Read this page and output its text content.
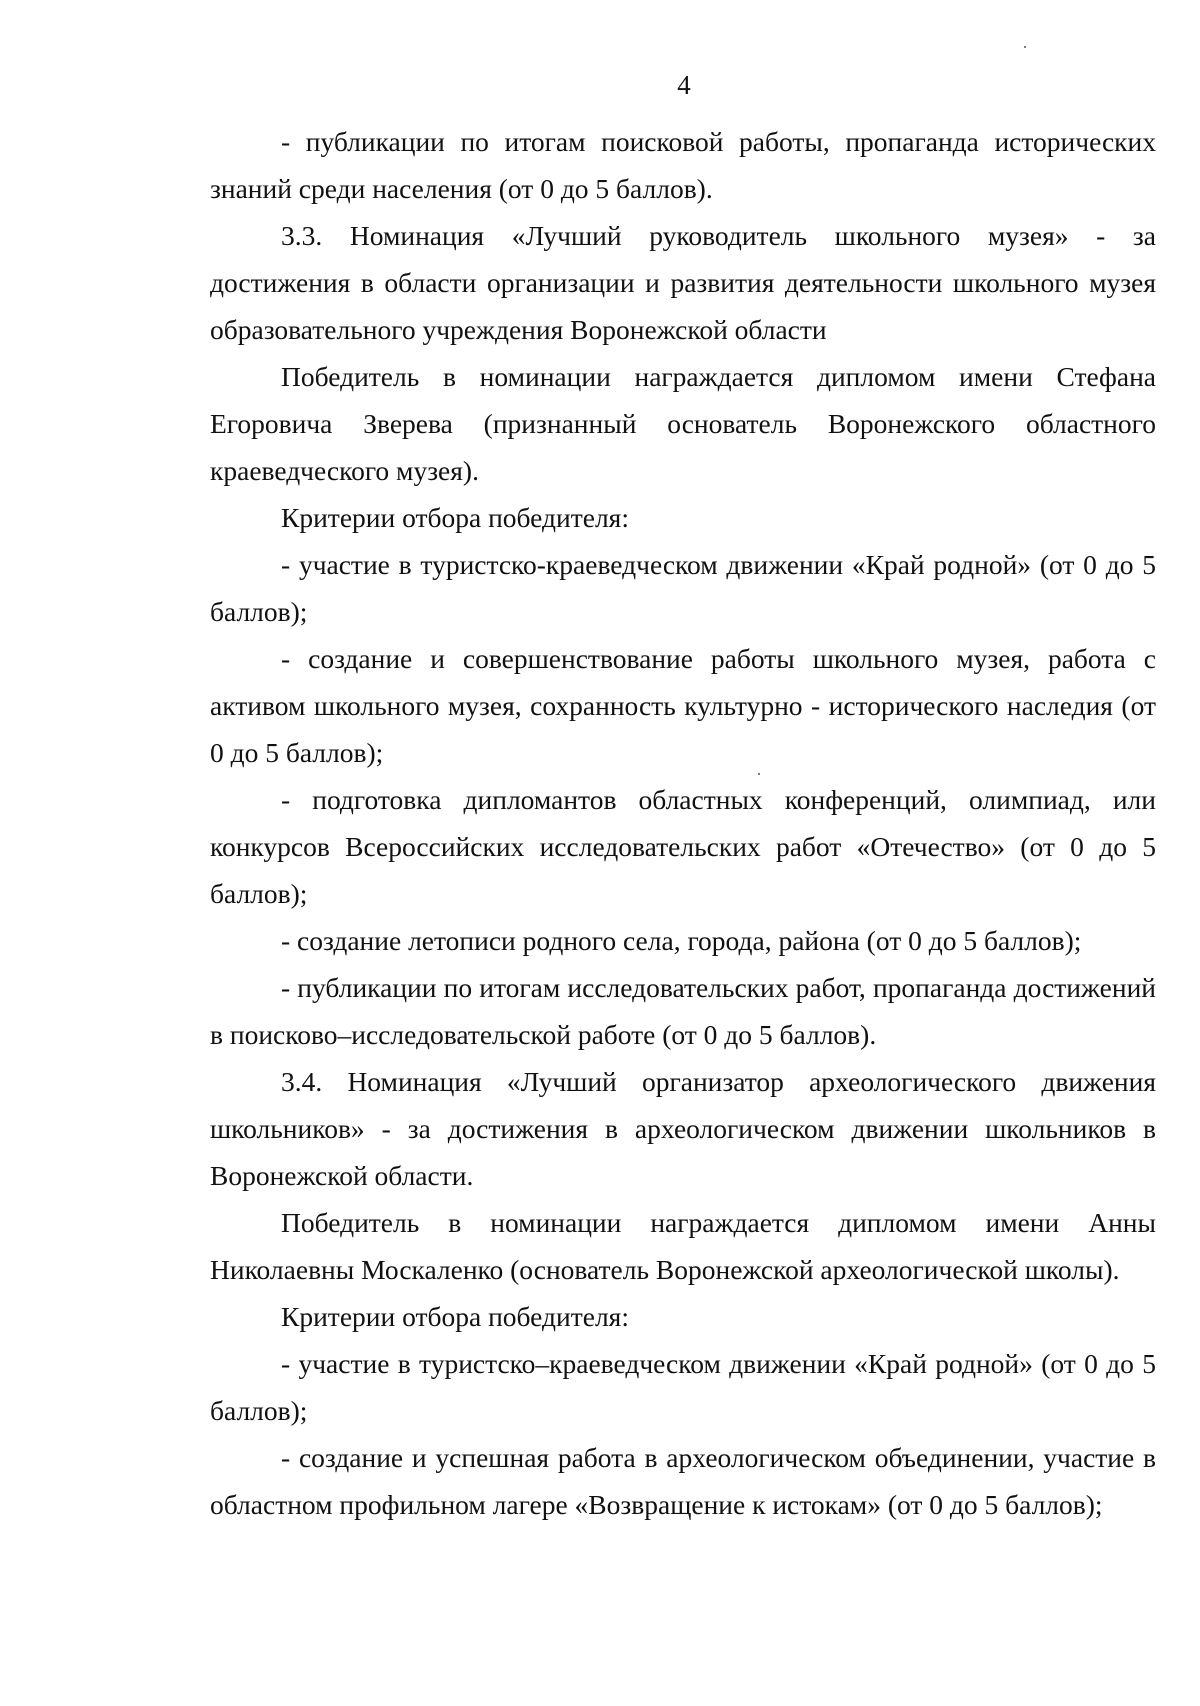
4

- публикации по итогам поисковой работы, пропаганда исторических знаний среди населения (от 0 до 5 баллов).

3.3. Номинация «Лучший руководитель школьного музея» - за достижения в области организации и развития деятельности школьного музея образовательного учреждения Воронежской области

Победитель в номинации награждается дипломом имени Стефана Егоровича Зверева (признанный основатель Воронежского областного краеведческого музея).

Критерии отбора победителя:

- участие в туристско-краеведческом движении «Край родной» (от 0 до 5 баллов);

- создание и совершенствование работы школьного музея, работа с активом школьного музея, сохранность культурно - исторического наследия (от 0 до 5 баллов);

- подготовка дипломантов областных конференций, олимпиад, или конкурсов Всероссийских исследовательских работ «Отечество» (от 0 до 5 баллов);

- создание летописи родного села, города, района (от 0 до 5 баллов);

- публикации по итогам исследовательских работ, пропаганда достижений в поисково–исследовательской работе (от 0 до 5 баллов).

3.4. Номинация «Лучший организатор археологического движения школьников» - за достижения в археологическом движении школьников в Воронежской области.

Победитель в номинации награждается дипломом имени Анны Николаевны Москаленко (основатель Воронежской археологической школы).

Критерии отбора победителя:

- участие в туристско–краеведческом движении «Край родной» (от 0 до 5 баллов);

- создание и успешная работа в археологическом объединении, участие в областном профильном лагере «Возвращение к истокам» (от 0 до 5 баллов);
